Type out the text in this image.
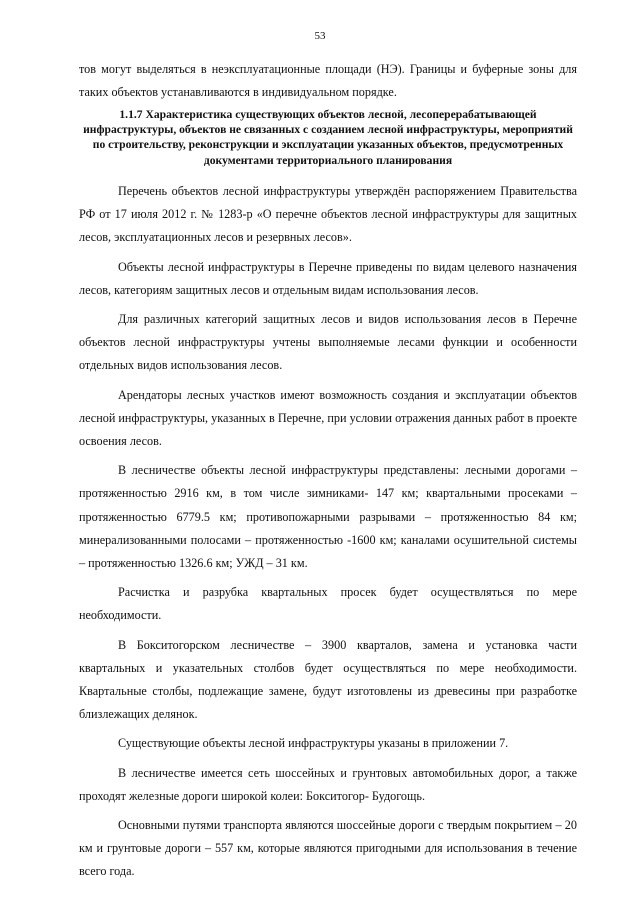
53

тов могут выделяться в неэксплуатационные площади (НЭ). Границы и буферные зоны для таких объектов устанавливаются в индивидуальном порядке.

1.1.7 Характеристика существующих объектов лесной, лесоперерабатывающей инфраструктуры, объектов не связанных с созданием лесной инфраструктуры, мероприятий по строительству, реконструкции и эксплуатации указанных объектов, предусмотренных документами территориального планирования

Перечень объектов лесной инфраструктуры утверждён распоряжением Правительства РФ от 17 июля 2012 г. № 1283-р «О перечне объектов лесной инфраструктуры для защитных лесов, эксплуатационных лесов и резервных лесов».

Объекты лесной инфраструктуры в Перечне приведены по видам целевого назначения лесов, категориям защитных лесов и отдельным видам использования лесов.

Для различных категорий защитных лесов и видов использования лесов в Перечне объектов лесной инфраструктуры учтены выполняемые лесами функции и особенности отдельных видов использования лесов.

Арендаторы лесных участков имеют возможность создания и эксплуатации объектов лесной инфраструктуры, указанных в Перечне, при условии отражения данных работ в проекте освоения лесов.

В лесничестве объекты лесной инфраструктуры представлены: лесными дорогами – протяженностью 2916 км, в том числе зимниками- 147 км; квартальными просеками – протяженностью 6779.5 км; противопожарными разрывами – протяженностью 84 км; минерализованными полосами – протяженностью -1600 км; каналами осушительной системы – протяженностью 1326.6 км; УЖД – 31 км.

Расчистка и разрубка квартальных просек будет осуществляться по мере необходимости.

В Бокситогорском лесничестве – 3900 кварталов, замена и установка части квартальных и указательных столбов будет осуществляться по мере необходимости. Квартальные столбы, подлежащие замене, будут изготовлены из древесины при разработке близлежащих делянок.

Существующие объекты лесной инфраструктуры указаны в приложении 7.

В лесничестве имеется сеть шоссейных и грунтовых автомобильных дорог, а также проходят железные дороги широкой колеи: Бокситогор- Будогощь.

Основными путями транспорта являются шоссейные дороги с твердым покрытием – 20 км и грунтовые дороги – 557 км, которые являются пригодными для использования в течение всего года.
